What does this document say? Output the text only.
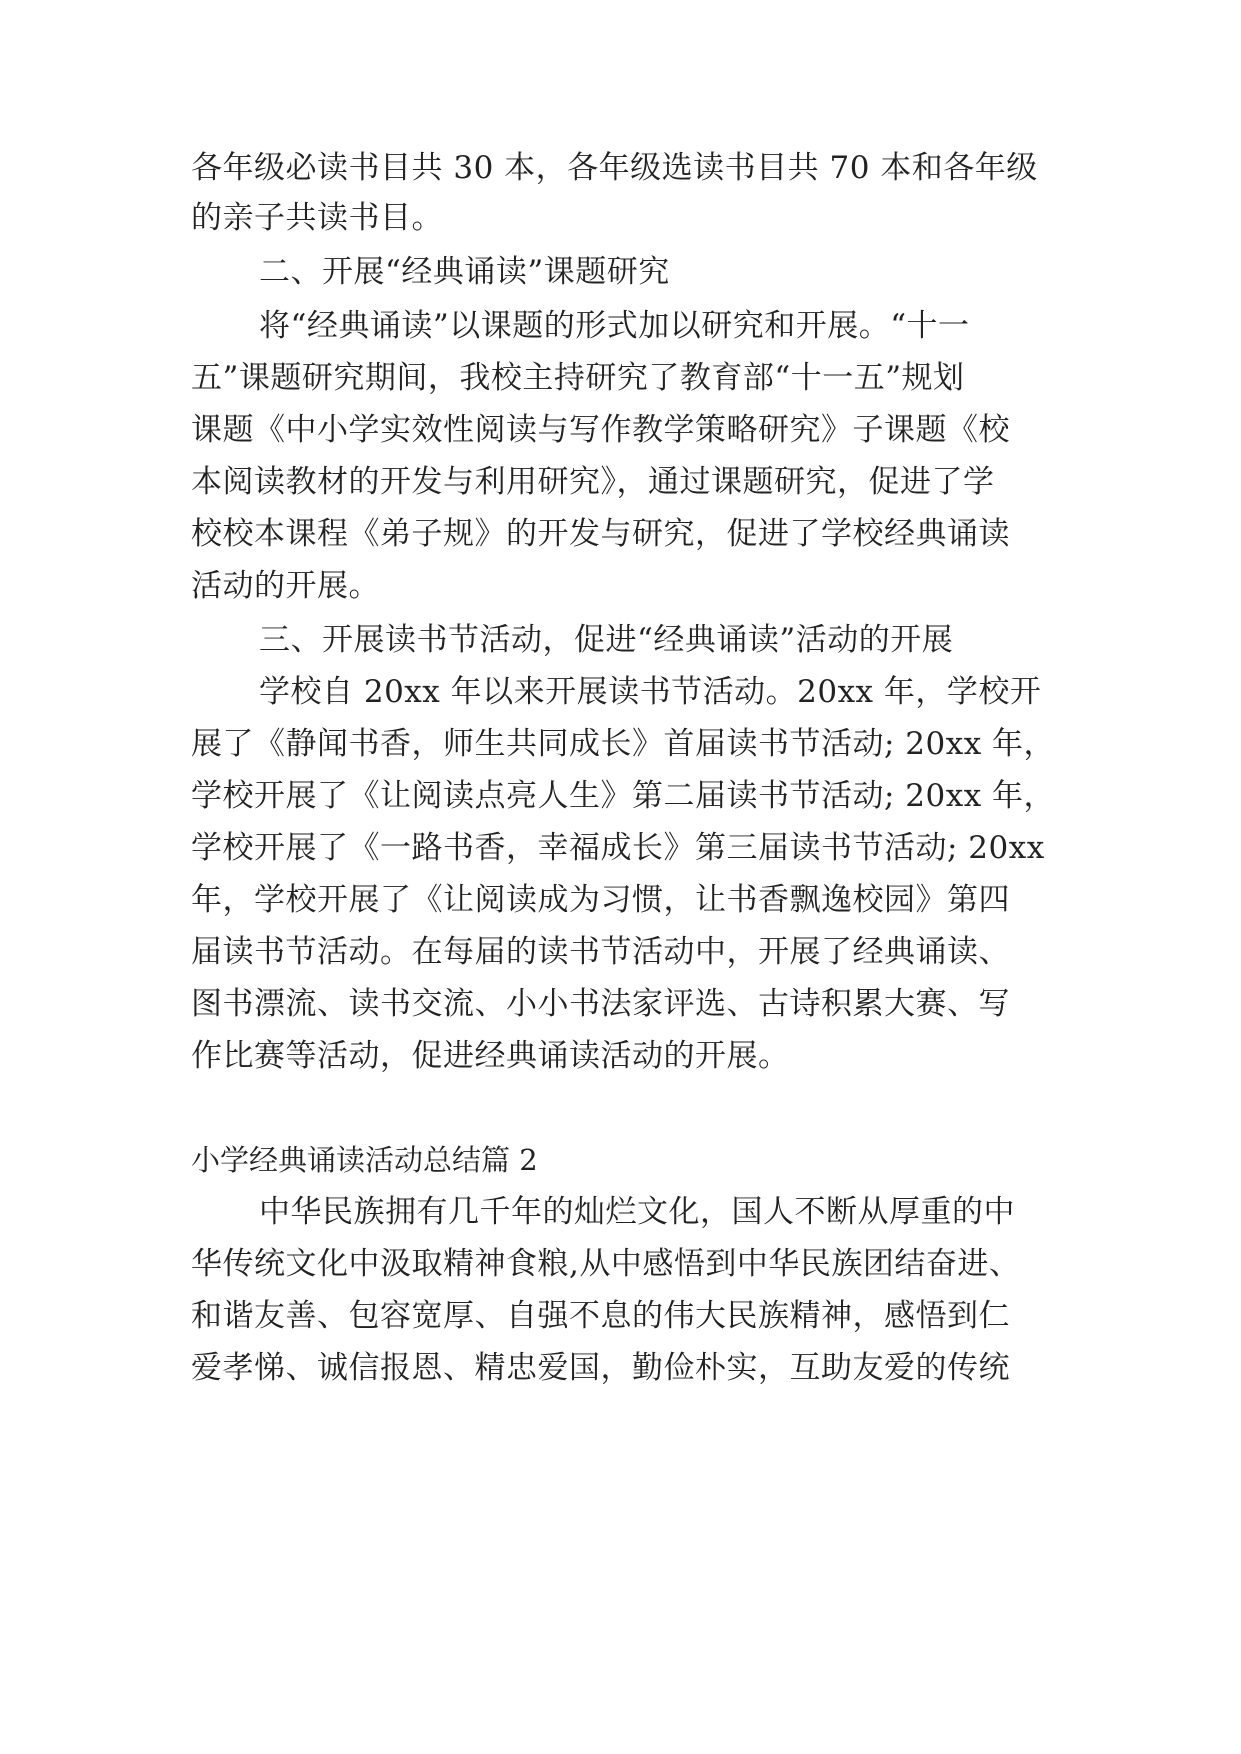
各年级必读书目共 30 本，各年级选读书目共 70 本和各年级
的亲子共读书目。
二、开展“经典诵读”课题研究
将“经典诵读”以课题的形式加以研究和开展。“十一
五”课题研究期间，我校主持研究了教育部“十一五”规划
课题《中小学实效性阅读与写作教学策略研究》子课题《校
本阅读教材的开发与利用研究》，通过课题研究，促进了学
校校本课程《弟子规》的开发与研究，促进了学校经典诵读
活动的开展。
三、开展读书节活动，促进“经典诵读”活动的开展
学校自 20xx 年以来开展读书节活动。20xx 年，学校开
展了《静闻书香，师生共同成长》首届读书节活动; 20xx 年，
学校开展了《让阅读点亮人生》第二届读书节活动; 20xx 年，
学校开展了《一路书香，幸福成长》第三届读书节活动; 20xx
年，学校开展了《让阅读成为习惯，让书香飘逸校园》第四
届读书节活动。在每届的读书节活动中，开展了经典诵读、
图书漂流、读书交流、小小书法家评选、古诗积累大赛、写
作比赛等活动，促进经典诵读活动的开展。
小学经典诵读活动总结篇 2
中华民族拥有几千年的灿烂文化，国人不断从厚重的中
华传统文化中汲取精神食粮,从中感悟到中华民族团结奋进、
和谐友善、包容宽厚、自强不息的伟大民族精神，感悟到仁
爱孝悌、诚信报恩、精忠爱国，勤俭朴实，互助友爱的传统
